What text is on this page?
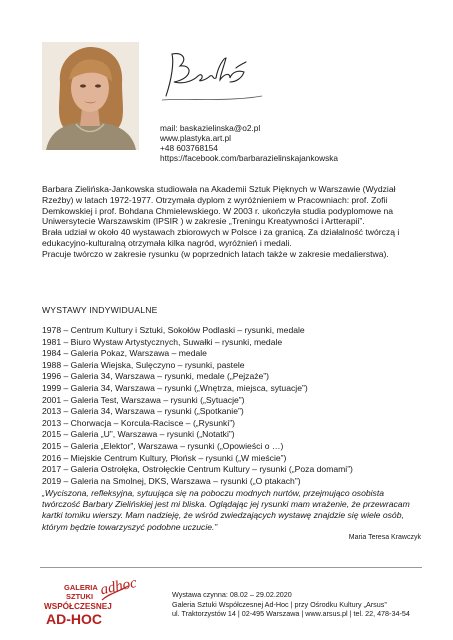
mail: baskazielinska@o2.pl
www.plastyka.art.pl
+48 603768154
https://facebook.com/barbarazielinskajankowska

Barbara Zielińska-Jankowska studiowała na Akademii Sztuk Pięknych w Warszawie (Wydział Rzeźby) w latach 1972-1977. Otrzymała dyplom z wyróżnieniem w Pracowniach: prof. Zofii Demkowskiej i prof. Bohdana Chmielewskiego. W 2003 r. ukończyła studia podyplomowe na Uniwersytecie Warszawskim (IPSIR ) w zakresie „Treningu Kreatywności i Artterapii”.

Brała udział w około 40 wystawach zbiorowych w Polsce i za granicą. Za działalność twórczą i edukacyjno-kulturalną otrzymała kilka nagród, wyróżnień i medali.

Pracuje twórczo w zakresie rysunku (w poprzednich latach także w zakresie medalierstwa).

WYSTAWY INDYWIDUALNE
1978 – Centrum Kultury i Sztuki, Sokołów Podlaski – rysunki, medale
1981 – Biuro Wystaw Artystycznych, Suwałki – rysunki, medale
1984 – Galeria Pokaz, Warszawa – medale
1988 – Galeria Wiejska, Sulęczyno – rysunki, pastele
1996 – Galeria 34, Warszawa – rysunki, medale („Pejzaże”)
1999 – Galeria 34, Warszawa – rysunki („Wnętrza, miejsca, sytuacje”)
2001 – Galeria Test, Warszawa – rysunki („Sytuacje”)
2013 – Galeria 34, Warszawa – rysunki („Spotkanie”)
2013 – Chorwacja – Korcula-Racisce – („Rysunki”)
2015 – Galeria „U”, Warszawa – rysunki („Notatki”)
2015 – Galeria „Elektor”, Warszawa – rysunki („Opowieści o …)
2016 – Miejskie Centrum Kultury, Płońsk – rysunki („W mieście”)
2017 – Galeria Ostrołęka, Ostrołęckie Centrum Kultury – rysunki („Poza domami”)
2019 – Galeria na Smolnej, DKS, Warszawa – rysunki („O ptakach”)
„Wyciszona, refleksyjna, sytuująca się na poboczu modnych nurtów, przejmująco osobista twórczość Barbary Zielińskiej jest mi bliska. Oglądając jej rysunki mam wrażenie, że przewracam kartki tomiku wierszy. Mam nadzieję, że wśród zwiedzających wystawę znajdzie się wiele osób, którym będzie towarzyszyć podobne uczucie.”
Maria Teresa Krawczyk
GALERIA
SZTUKI
WSPÓŁCZESNEJ
AD-HOC
adhoc	Wystawa czynna: 08.02 – 29.02.2020
Galeria Sztuki Współczesnej Ad-Hoc | przy Ośrodku Kultury „Arsus”
ul. Traktorzystów 14 | 02-495 Warszawa | www.arsus.pl | tel. 22, 478-34-54
